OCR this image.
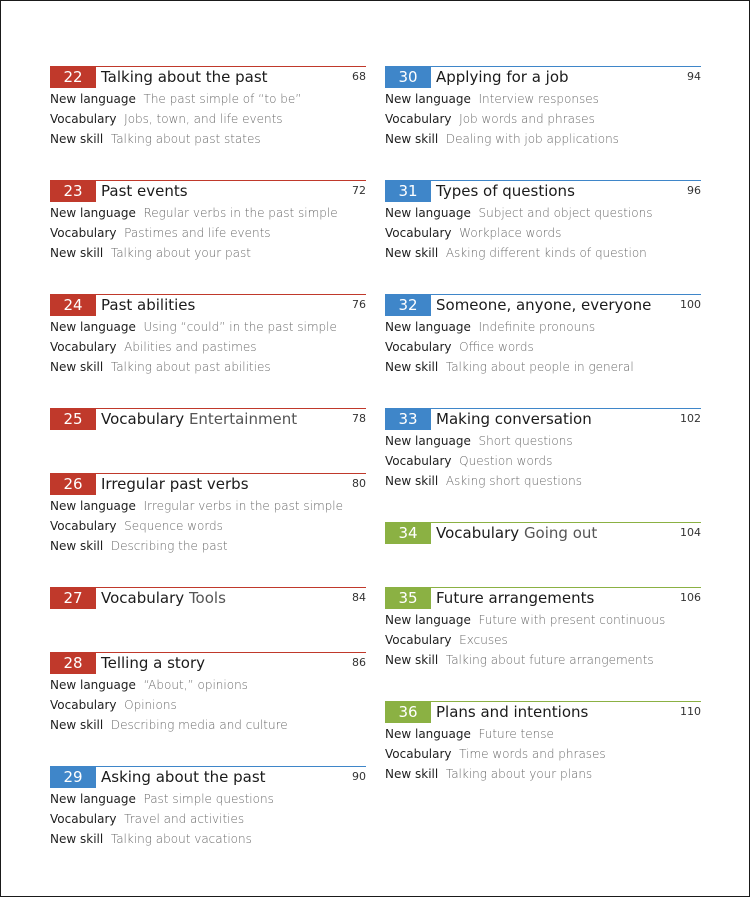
22	Talking about the past	68
New language The past simple of “to be”
Vocabulary Jobs, town, and life events
New skill Talking about past states
23	Past events	72
New language Regular verbs in the past simple
Vocabulary Pastimes and life events
New skill Talking about your past
24	Past abilities	76
New language Using “could” in the past simple
Vocabulary Abilities and pastimes
New skill Talking about past abilities
25	Vocabulary Entertainment	78
26	Irregular past verbs	80
New language Irregular verbs in the past simple
Vocabulary Sequence words
New skill Describing the past
27	Vocabulary Tools	84
28	Telling a story	86
New language “About,” opinions
Vocabulary Opinions
New skill Describing media and culture
29	Asking about the past	90
New language Past simple questions
Vocabulary Travel and activities
New skill Talking about vacations
30	Applying for a job	94
New language Interview responses
Vocabulary Job words and phrases
New skill Dealing with job applications
31	Types of questions	96
New language Subject and object questions
Vocabulary Workplace words
New skill Asking different kinds of question
32	Someone, anyone, everyone	100
New language Indefinite pronouns
Vocabulary Office words
New skill Talking about people in general
33	Making conversation	102
New language Short questions
Vocabulary Question words
New skill Asking short questions
34	Vocabulary Going out	104
35	Future arrangements	106
New language Future with present continuous
Vocabulary Excuses
New skill Talking about future arrangements
36	Plans and intentions	110
New language Future tense
Vocabulary Time words and phrases
New skill Talking about your plans
